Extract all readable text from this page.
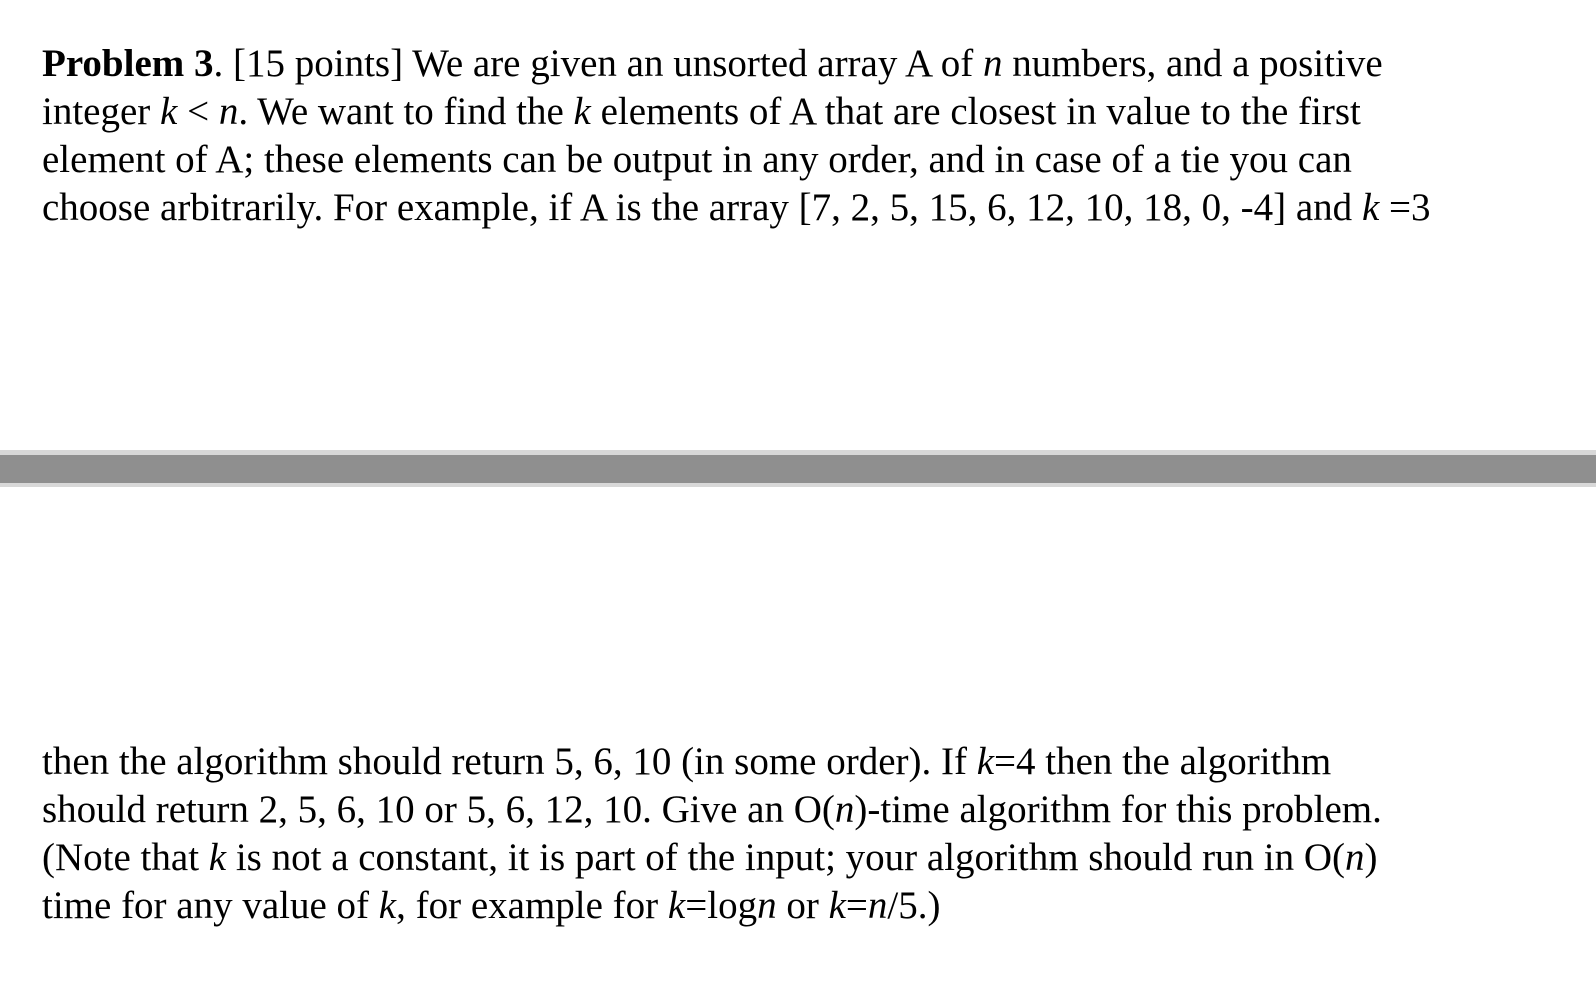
Problem 3. [15 points] We are given an unsorted array A of n numbers, and a positive
integer k < n. We want to find the k elements of A that are closest in value to the first
element of A; these elements can be output in any order, and in case of a tie you can
choose arbitrarily. For example, if A is the array [7, 2, 5, 15, 6, 12, 10, 18, 0, -4] and k =3
then the algorithm should return 5, 6, 10 (in some order). If k=4 then the algorithm
should return 2, 5, 6, 10 or 5, 6, 12, 10. Give an O(n)-time algorithm for this problem.
(Note that k is not a constant, it is part of the input; your algorithm should run in O(n)
time for any value of k, for example for k=logn or k=n/5.)
